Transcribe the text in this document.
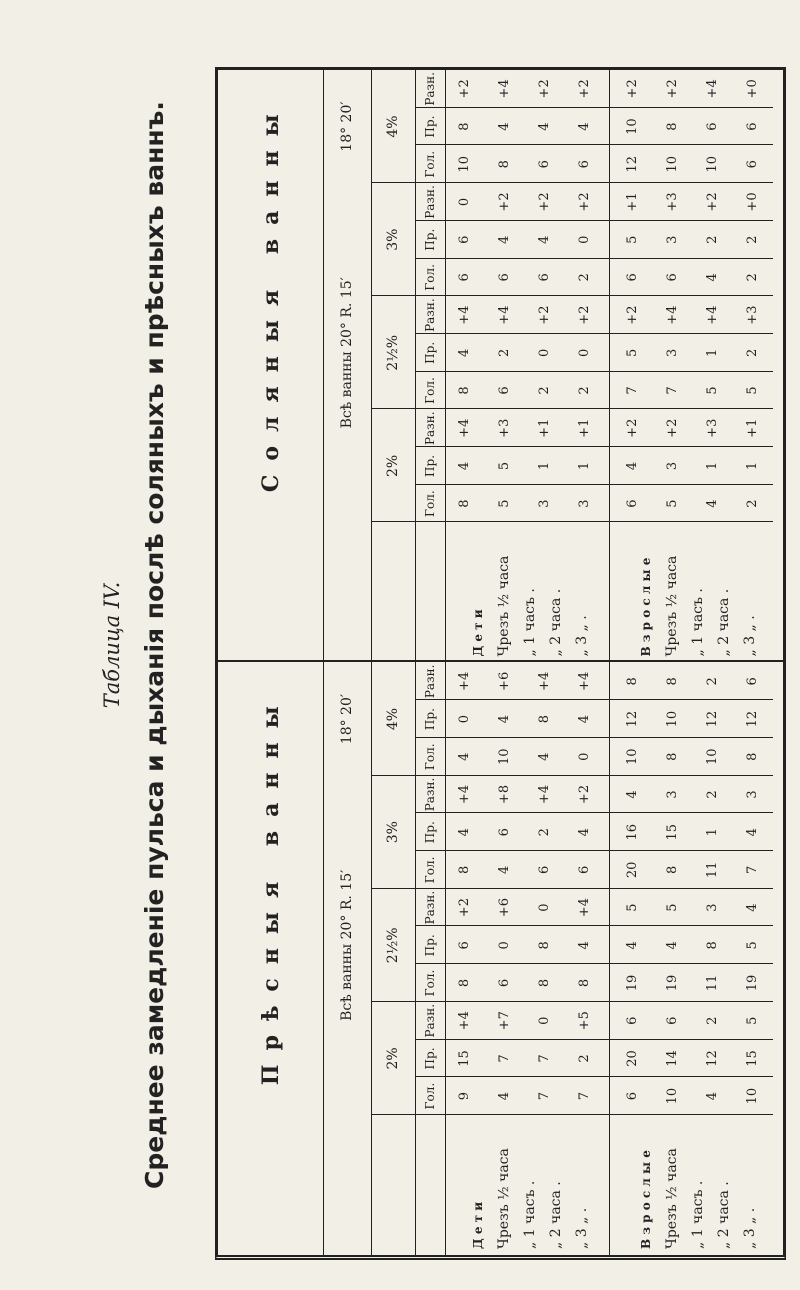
Среднее замедленіе пульса и дыханія послѣ соляныхъ и прѣсныхъ ваннъ.
Таблица IV.
Прѣсныя ванны
Соляныя ванны
Всѣ ванны 20° R. 15′
18° 20′
Всѣ ванны 20° R. 15′
18° 20′
2%
Гол.
Пр.
Разн.
2½%
Гол.
Пр.
Разн.
3%
Гол.
Пр.
Разн.
4%
Гол.
Пр.
Разн.
2%
Гол.
Пр.
Разн.
2½%
Гол.
Пр.
Разн.
3%
Гол.
Пр.
Разн.
4%
Гол.
Пр.
Разн.
9 4 7 7
15 7 7 2
+4 +7 0 +5
8 6 8 8
6 0 8 4
+2 +6 0 +4
8 4 6 6
4 6 2 4
+4 +8 +4 +2
4 10 4 0
0 4 8 4
+4 +6 +4 +4
6 10 4 10
20 14 12 15
6 6 2 5
19 19 11 19
4 4 8 5
5 5 3 4
20 8 11 7
16 15 1 4
4 3 2 3
10 8 10 8
12 10 12 12
8 8 2 6
8 5 3 3
4 5 1 1
+4 +3 +1 +1
8 6 2 2
4 2 0 0
+4 +4 +2 +2
6 6 6 2
6 4 4 0
0 +2 +2 +2
10 8 6 6
8 4 4 4
+2 +4 +2 +2
6 5 4 2
4 3 1 1
+2 +2 +3 +1
7 7 5 5
5 3 1 2
+2 +4 +4 +3
6 6 4 2
5 3 2 2
+1 +3 +2 +0
12 10 10 6
10 8 6 6
+2 +2 +4 +0
Д е т и Чрезъ ½ часа „ 1 часъ . „ 2 часа . „ 3 „ .	В з р о с л ы е Чрезъ ½ часа „ 1 часъ . „ 2 часа . „ 3 „ .
Д е т и Чрезъ ½ часа „ 1 часъ . „ 2 часа . „ 3 „ .	В з р о с л ы е Чрезъ ½ часа „ 1 часъ . „ 2 часа . „ 3 „ .
